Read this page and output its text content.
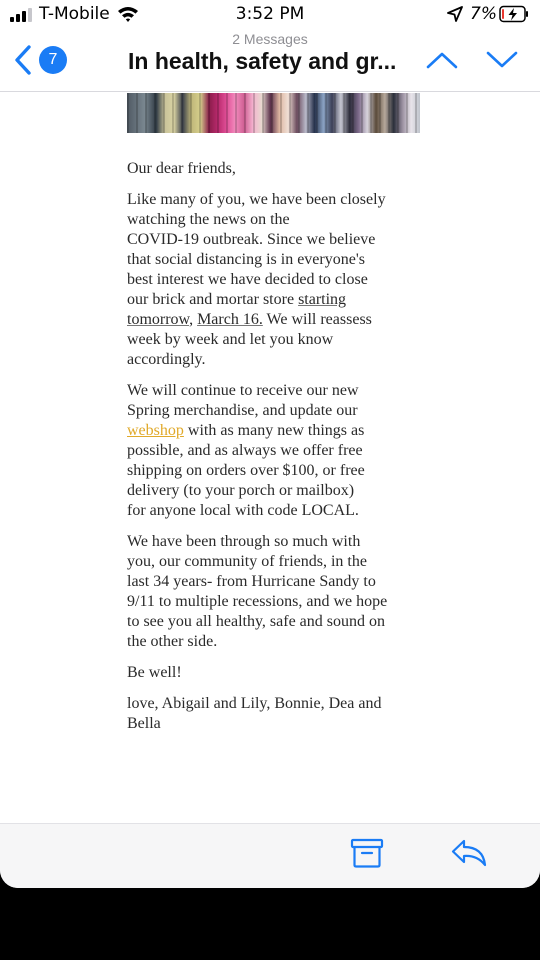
T-Mobile	3:52 PM	7%
7
2 Messages
In health, safety and gr...

Our dear friends,

Like many of you, we have been closely
watching the news on the
COVID-19 outbreak. Since we believe
that social distancing is in everyone's
best interest we have decided to close
our brick and mortar store starting
tomorrow, March 16. We will reassess
week by week and let you know
accordingly.

We will continue to receive our new
Spring merchandise, and update our
webshop with as many new things as
possible, and as always we offer free
shipping on orders over $100, or free
delivery (to your porch or mailbox)
for anyone local with code LOCAL.

We have been through so much with
you, our community of friends, in the
last 34 years- from Hurricane Sandy to
9/11 to multiple recessions, and we hope
to see you all healthy, safe and sound on
the other side.

Be well!

love, Abigail and Lily, Bonnie, Dea and
Bella
